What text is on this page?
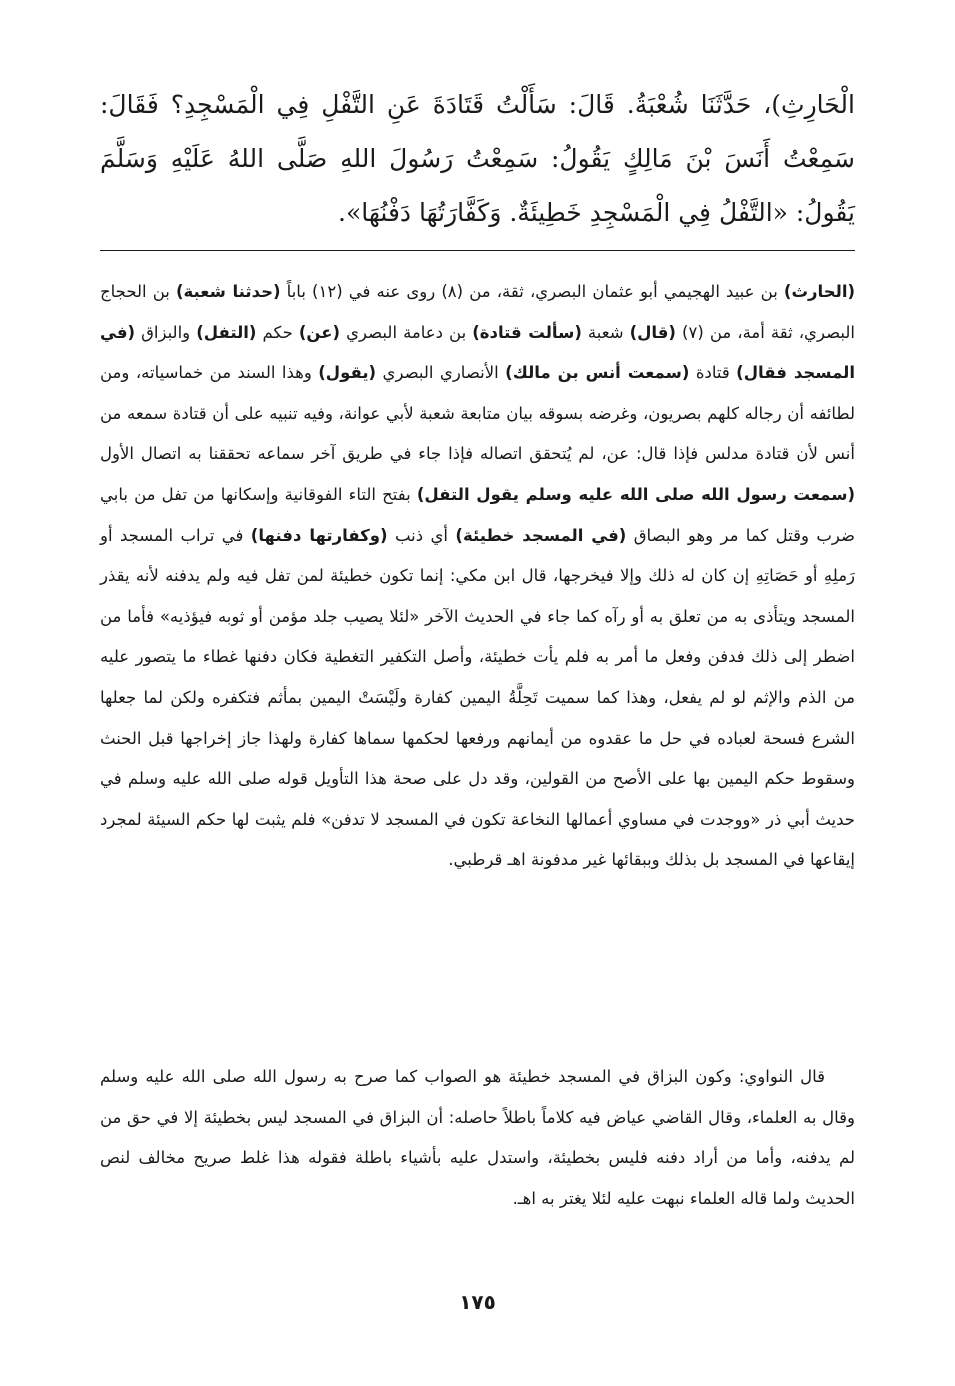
الْحَارِثِ)، حَدَّثَنَا شُعْبَةُ. قَالَ: سَأَلْتُ قَتَادَةَ عَنِ التَّفْلِ فِي الْمَسْجِدِ؟ فَقَالَ: سَمِعْتُ أَنَسَ بْنَ مَالِكٍ يَقُولُ: سَمِعْتُ رَسُولَ اللهِ صَلَّى اللهُ عَلَيْهِ وَسَلَّمَ يَقُولُ: «التَّفْلُ فِي الْمَسْجِدِ خَطِيئَةٌ. وَكَفَّارَتُهَا دَفْنُهَا».
(الحارث) بن عبيد الهجيمي أبو عثمان البصري، ثقة، من (٨) روى عنه في (١٢) باباً (حدثنا شعبة) بن الحجاج البصري، ثقة أمة، من (٧) (قال) شعبة (سألت قتادة) بن دعامة البصري (عن) حكم (التفل) والبزاق (في المسجد فقال) قتادة (سمعت أنس بن مالك) الأنصاري البصري (يقول) وهذا السند من خماسياته، ومن لطائفه أن رجاله كلهم بصريون، وغرضه بسوقه بيان متابعة شعبة لأبي عوانة، وفيه تنبيه على أن قتادة سمعه من أنس لأن قتادة مدلس فإذا قال: عن، لم يُتحقق اتصاله فإذا جاء في طريق آخر سماعه تحققنا به اتصال الأول (سمعت رسول الله صلى الله عليه وسلم يقول التفل) بفتح التاء الفوقانية وإسكانها من تفل من بابي ضرب وقتل كما مر وهو البصاق (في المسجد خطيئة) أي ذنب (وكفارتها دفنها) في تراب المسجد أو رَملِهِ أو حَصَاتِهِ إن كان له ذلك وإلا فيخرجها، قال ابن مكي: إنما تكون خطيئة لمن تفل فيه ولم يدفنه لأنه يقذر المسجد ويتأذى به من تعلق به أو رآه كما جاء في الحديث الآخر «لئلا يصيب جلد مؤمن أو ثوبه فيؤذيه» فأما من اضطر إلى ذلك فدفن وفعل ما أمر به فلم يأت خطيئة، وأصل التكفير التغطية فكان دفنها غطاء ما يتصور عليه من الذم والإثم لو لم يفعل، وهذا كما سميت تَحِلَّةُ اليمين كفارة ولَيْسَتْ اليمين بمأثم فتكفره ولكن لما جعلها الشرع فسحة لعباده في حل ما عقدوه من أيمانهم ورفعها لحكمها سماها كفارة ولهذا جاز إخراجها قبل الحنث وسقوط حكم اليمين بها على الأصح من القولين، وقد دل على صحة هذا التأويل قوله صلى الله عليه وسلم في حديث أبي ذر «ووجدت في مساوي أعمالها النخاعة تكون في المسجد لا تدفن» فلم يثبت لها حكم السيئة لمجرد إيقاعها في المسجد بل بذلك وببقائها غير مدفونة اهـ قرطبي.
قال النواوي: وكون البزاق في المسجد خطيئة هو الصواب كما صرح به رسول الله صلى الله عليه وسلم وقال به العلماء، وقال القاضي عياض فيه كلاماً باطلاً حاصله: أن البزاق في المسجد ليس بخطيئة إلا في حق من لم يدفنه، وأما من أراد دفنه فليس بخطيئة، واستدل عليه بأشياء باطلة فقوله هذا غلط صريح مخالف لنص الحديث ولما قاله العلماء نبهت عليه لئلا يغتر به اهـ.
١٧٥
